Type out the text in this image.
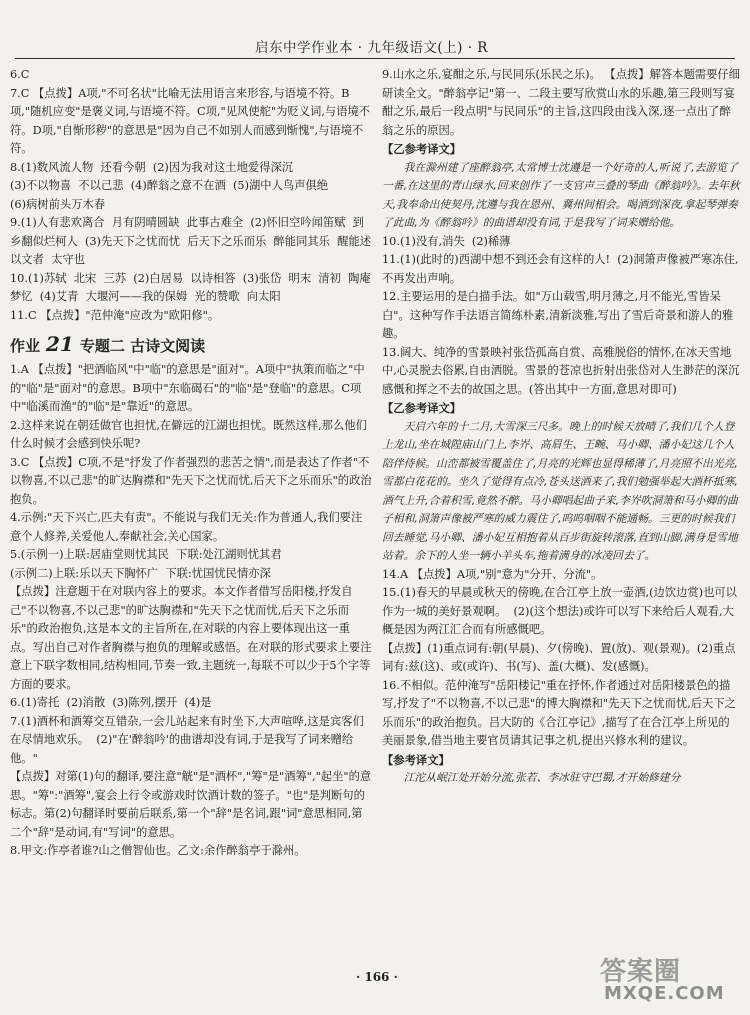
启东中学作业本 · 九年级语文(上) · R

6.C

7.C 【点拨】A项,"不可名状"比喻无法用语言来形容,与语境不符。B项,"随机应变"是褒义词,与语境不符。C项,"见风使舵"为贬义词,与语境不符。D项,"自惭形秽"的意思是"因为自己不如别人而感到惭愧",与语境不符。

8.(1)数风流人物  还看今朝  (2)因为我对这土地爱得深沉
(3)不以物喜  不以己悲  (4)醉翁之意不在酒  (5)湖中人鸟声俱绝
(6)病树前头万木春

9.(1)人有悲欢离合  月有阴晴圆缺  此事古难全  (2)怀旧空吟闻笛赋  到乡翻似烂柯人  (3)先天下之忧而忧  后天下之乐而乐  醉能同其乐  醒能述以文者  太守也

10.(1)苏轼  北宋  三苏  (2)白居易  以诗相答  (3)张岱  明末  清初  陶庵梦忆  (4)艾青  大堰河——我的保姆  光的赞歌  向太阳

11.C 【点拨】"范仲淹"应改为"欧阳修"。

作业 21 专题二 古诗文阅读

1.A 【点拨】"把酒临风"中"临"的意思是"面对"。A项中"执策而临之"中的"临"是"面对"的意思。B项中"东临碣石"的"临"是"登临"的意思。C项中"临溪而渔"的"临"是"靠近"的意思。

2.这样来说在朝廷做官也担忧,在僻远的江湖也担忧。既然这样,那么他们什么时候才会感到快乐呢?

3.C 【点拨】C项,不是"抒发了作者强烈的悲苦之情",而是表达了作者"不以物喜,不以己悲"的旷达胸襟和"先天下之忧而忧,后天下之乐而乐"的政治抱负。

4.示例:"天下兴亡,匹夫有责"。不能说与我们无关:作为普通人,我们要注意个人修养,关爱他人,奉献社会,关心国家。

5.(示例一)上联:居庙堂则忧其民  下联:处江湖则忧其君
(示例二)上联:乐以天下胸怀广  下联:忧国忧民情亦深

【点拨】注意题干在对联内容上的要求。本文作者借写岳阳楼,抒发自己"不以物喜,不以己悲"的旷达胸襟和"先天下之忧而忧,后天下之乐而乐"的政治抱负,这是本文的主旨所在,在对联的内容上要体现出这一重点。写出自己对作者胸襟与抱负的理解或感悟。在对联的形式要求上要注意上下联字数相同,结构相同,节奏一致,主题统一,每联不可以少于5个字等方面的要求。

6.(1)寄托  (2)消散  (3)陈列,摆开  (4)是

7.(1)酒杯和酒筹交互错杂,一会儿站起来有时坐下,大声喧哗,这是宾客们在尽情地欢乐。  (2)"在'醉翁吟'的曲谱却没有词,于是我写了词来赠给他。"

【点拨】对第(1)句的翻译,要注意"觥"是"酒杯","筹"是"酒筹","起坐"的意思。"筹":"酒筹",宴会上行令或游戏时饮酒计数的签子。"也"是判断句的标志。第(2)句翻译时要前后联系,第一个"辞"是名词,跟"词"意思相同,第二个"辞"是动词,有"写词"的意思。

8.甲文:作亭者谁?山之僧智仙也。乙文:余作醉翁亭于滁州。

9.山水之乐,宴酣之乐,与民同乐(乐民之乐)。 【点拨】解答本题需要仔细研读全文。"醉翁亭记"第一、二段主要写欣赏山水的乐趣,第三段则写宴酣之乐,最后一段点明"与民同乐"的主旨,这四段由浅入深,逐一点出了醉翁之乐的原因。

【乙参考译文】

我在滁州建了座醉翁亭,太常博士沈遵是一个好奇的人,听说了,去游览了一番,在这里的青山绿水,回来创作了一支官声三叠的琴曲《醉翁吟》。去年秋天,我奉命出使契丹,沈遵与我在恩州、冀州间相会。喝酒到深夜,拿起琴弹奏了此曲,为《醉翁吟》的曲谱却没有词,于是我写了词来赠给他。

10.(1)没有,消失  (2)稀薄

11.(1)(此时的)西湖中想不到还会有这样的人!  (2)洞箫声像被严寒冻住,不再发出声响。

12.主要运用的是白描手法。如"万山载雪,明月薄之,月不能光,雪皆呆白"。这种写作手法语言简练朴素,清新淡雅,写出了雪后奇景和游人的雅趣。

13.阔大、纯净的雪景映衬张岱孤高自赏、高雅脱俗的情怀,在冰天雪地中,心灵脱去俗累,自由洒脱。雪景的苍凉也折射出张岱对人生渺茫的深沉感慨和挥之不去的故国之思。(答出其中一方面,意思对即可)

【乙参考译文】

天启六年的十二月,大雪深三尺多。晚上的时候天放晴了,我们几个人登上龙山,坐在城隍庙山门上,李岕、高眉生、王畹、马小卿、潘小妃这几个人陪伴侍候。山峦都被雪覆盖住了,月亮的光辉也显得稀薄了,月亮照不出光亮,雪都白花花的。坐久了觉得有点冷,苍头送酒来了,我们勉强举起大酒杯抵寒,酒气上升,合着积雪,竟然不醉。马小卿唱起曲子来,李岕吹洞箫和马小卿的曲子相和,洞箫声像被严寒的威力震住了,呜呜咽咽不能通畅。三更的时候我们回去睡觉,马小卿、潘小妃互相抱着从百步街旋转滚落,直到山脚,满身是雪地站着。余下的人坐一辆小羊头车,拖着满身的冰凌回去了。

14.A 【点拨】A项,"别"意为"分开、分流"。

15.(1)春天的早晨或秋天的傍晚,在合江亭上放一壶酒,(边饮边赏)也可以作为一城的美好景观啊。  (2)(这个想法)或许可以写下来给后人观看,大概是因为两江汇合而有所感慨吧。

【点拨】(1)重点词有:朝(早晨)、夕(傍晚)、置(放)、观(景观)。(2)重点词有:兹(这)、或(或许)、书(写)、盖(大概)、发(感慨)。

16.不相似。范仲淹写"岳阳楼记"重在抒怀,作者通过对岳阳楼景色的描写,抒发了"不以物喜,不以己悲"的博大胸襟和"先天下之忧而忧,后天下之乐而乐"的政治抱负。吕大防的《合江亭记》,描写了在合江亭上所见的美丽景象,借当地主要官员请其记事之机,提出兴修水利的建议。

【参考译文】

江沱从岷江处开始分流,张若、李冰驻守巴蜀,才开始修建分

· 166 ·	答案圈
MXQE.COM
